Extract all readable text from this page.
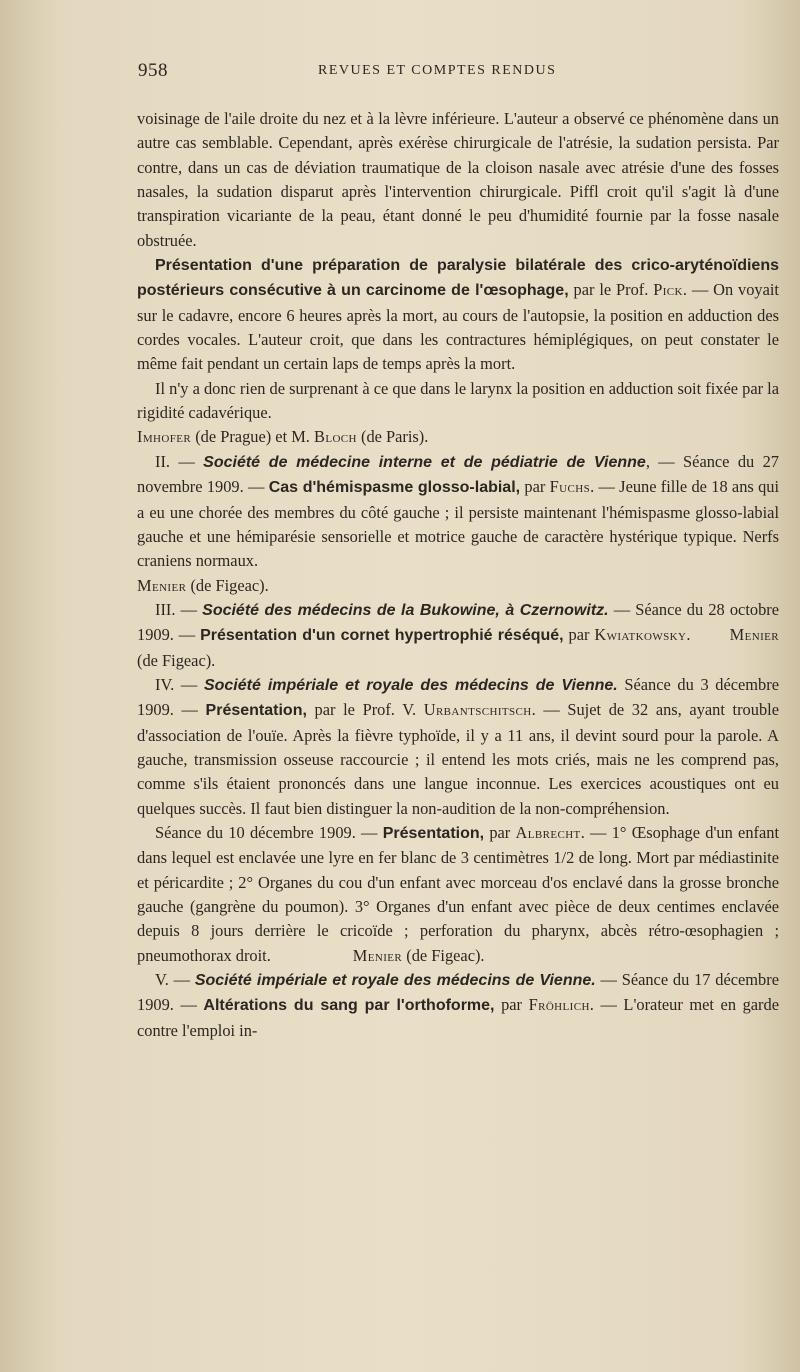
958	REVUES ET COMPTES RENDUS

voisinage de l'aile droite du nez et à la lèvre inférieure. L'auteur a observé ce phénomène dans un autre cas semblable. Cependant, après exérèse chirurgicale de l'atrésie, la sudation persista. Par contre, dans un cas de déviation traumatique de la cloison nasale avec atrésie d'une des fosses nasales, la sudation disparut après l'intervention chirurgicale. Piffl croit qu'il s'agit là d'une transpiration vicariante de la peau, étant donné le peu d'humidité fournie par la fosse nasale obstruée.

Présentation d'une préparation de paralysie bilatérale des crico-aryténoïdiens postérieurs consécutive à un carcinome de l'œsophage, par le Prof. Pick. — On voyait sur le cadavre, encore 6 heures après la mort, au cours de l'autopsie, la position en adduction des cordes vocales. L'auteur croit, que dans les contractures hémiplégiques, on peut constater le même fait pendant un certain laps de temps après la mort.

Il n'y a donc rien de surprenant à ce que dans le larynx la position en adduction soit fixée par la rigidité cadavérique.

Imhofer (de Prague) et M. Bloch (de Paris).

II. — Société de médecine interne et de pédiatrie de Vienne, — Séance du 27 novembre 1909. — Cas d'hémispasme glosso-labial, par Fuchs. — Jeune fille de 18 ans qui a eu une chorée des membres du côté gauche ; il persiste maintenant l'hémispasme glosso-labial gauche et une hémiparésie sensorielle et motrice gauche de caractère hystérique typique. Nerfs craniens normaux.

Menier (de Figeac).

III. — Société des médecins de la Bukowine, à Czernowitz. — Séance du 28 octobre 1909. — Présentation d'un cornet hypertrophié réséqué, par Kwiatkowsky.        Menier (de Figeac).

IV. — Société impériale et royale des médecins de Vienne. Séance du 3 décembre 1909. — Présentation, par le Prof. V. Urbantschitsch. — Sujet de 32 ans, ayant trouble d'association de l'ouïe. Après la fièvre typhoïde, il y a 11 ans, il devint sourd pour la parole. A gauche, transmission osseuse raccourcie ; il entend les mots criés, mais ne les comprend pas, comme s'ils étaient prononcés dans une langue inconnue. Les exercices acoustiques ont eu quelques succès. Il faut bien distinguer la non-audition de la non-compréhension.

Séance du 10 décembre 1909. — Présentation, par Albrecht. — 1° Œsophage d'un enfant dans lequel est enclavée une lyre en fer blanc de 3 centimètres 1/2 de long. Mort par médiastinite et péricardite ; 2° Organes du cou d'un enfant avec morceau d'os enclavé dans la grosse bronche gauche (gangrène du poumon). 3° Organes d'un enfant avec pièce de deux centimes enclavée depuis 8 jours derrière le cricoïde ; perforation du pharynx, abcès rétro-œsophagien ; pneumothorax droit.	Menier (de Figeac).

V. — Société impériale et royale des médecins de Vienne. — Séance du 17 décembre 1909. — Altérations du sang par l'orthoforme, par Fröhlich. — L'orateur met en garde contre l'emploi in-
